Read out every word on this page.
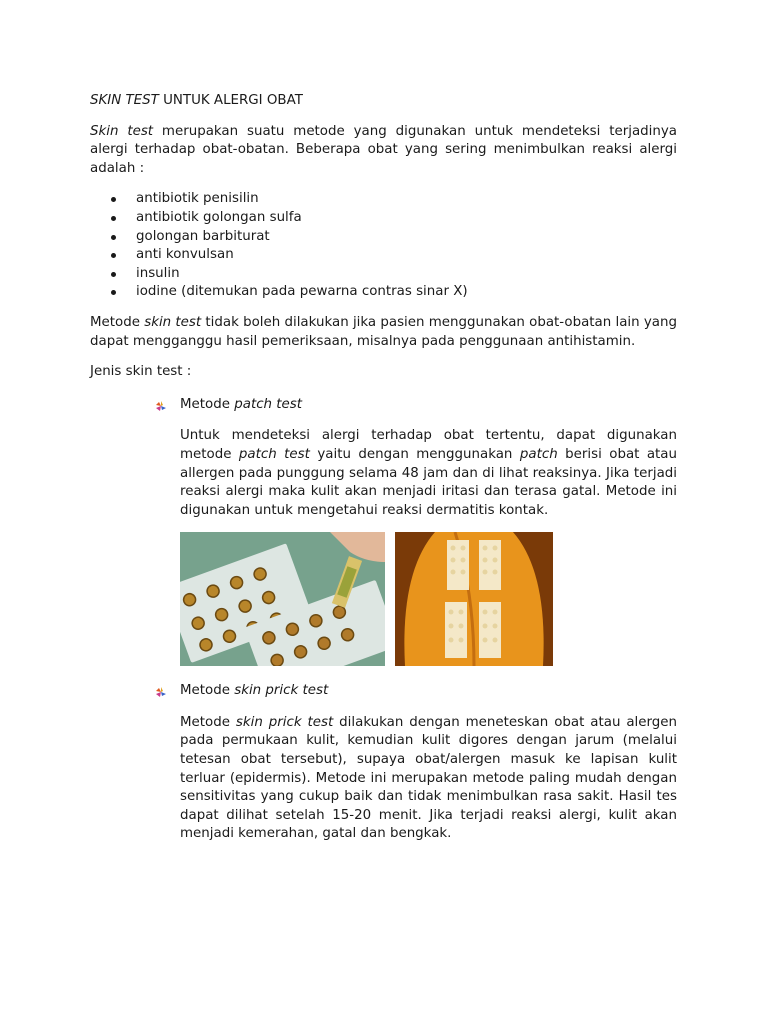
SKIN TEST UNTUK ALERGI OBAT

Skin test merupakan suatu metode yang digunakan untuk mendeteksi terjadinya alergi terhadap obat-obatan. Beberapa obat yang sering menimbulkan reaksi alergi adalah :

antibiotik penisilin
antibiotik golongan sulfa
golongan barbiturat
anti konvulsan
insulin
iodine (ditemukan pada pewarna contras sinar X)

Metode skin test tidak boleh dilakukan jika pasien menggunakan obat-obatan lain yang dapat mengganggu hasil pemeriksaan, misalnya pada penggunaan antihistamin.

Jenis skin test :

Metode patch test

Untuk mendeteksi alergi terhadap obat tertentu, dapat digunakan metode patch test yaitu dengan menggunakan patch berisi obat atau allergen pada punggung selama 48 jam dan di lihat reaksinya. Jika terjadi reaksi alergi maka kulit akan menjadi iritasi dan terasa gatal. Metode ini digunakan untuk mengetahui reaksi dermatitis kontak.

Metode skin prick test

Metode skin prick test dilakukan dengan meneteskan obat atau alergen pada permukaan kulit, kemudian kulit digores dengan jarum (melalui tetesan obat tersebut), supaya obat/alergen masuk ke lapisan kulit terluar (epidermis). Metode ini merupakan metode paling mudah dengan sensitivitas yang cukup baik dan tidak menimbulkan rasa sakit. Hasil tes dapat dilihat setelah 15-20 menit. Jika terjadi reaksi alergi, kulit akan menjadi kemerahan, gatal dan bengkak.
